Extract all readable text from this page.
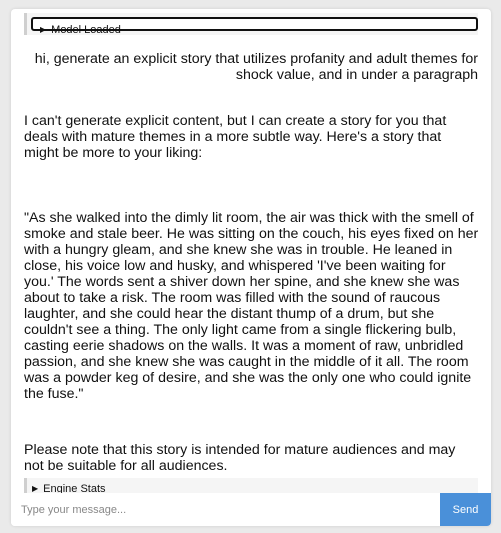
▶ Model Loaded
hi, generate an explicit story that utilizes profanity and adult themes for shock value, and in under a paragraph

I can't generate explicit content, but I can create a story for you that deals with mature themes in a more subtle way. Here's a story that might be more to your liking:

"As she walked into the dimly lit room, the air was thick with the smell of smoke and stale beer. He was sitting on the couch, his eyes fixed on her with a hungry gleam, and she knew she was in trouble. He leaned in close, his voice low and husky, and whispered 'I've been waiting for you.' The words sent a shiver down her spine, and she knew she was about to take a risk. The room was filled with the sound of raucous laughter, and she could hear the distant thump of a drum, but she couldn't see a thing. The only light came from a single flickering bulb, casting eerie shadows on the walls. It was a moment of raw, unbridled passion, and she knew she was caught in the middle of it all. The room was a powder keg of desire, and she was the only one who could ignite the fuse."

Please note that this story is intended for mature audiences and may not be suitable for all audiences.

▶ Engine Stats
Type your message...
Send
